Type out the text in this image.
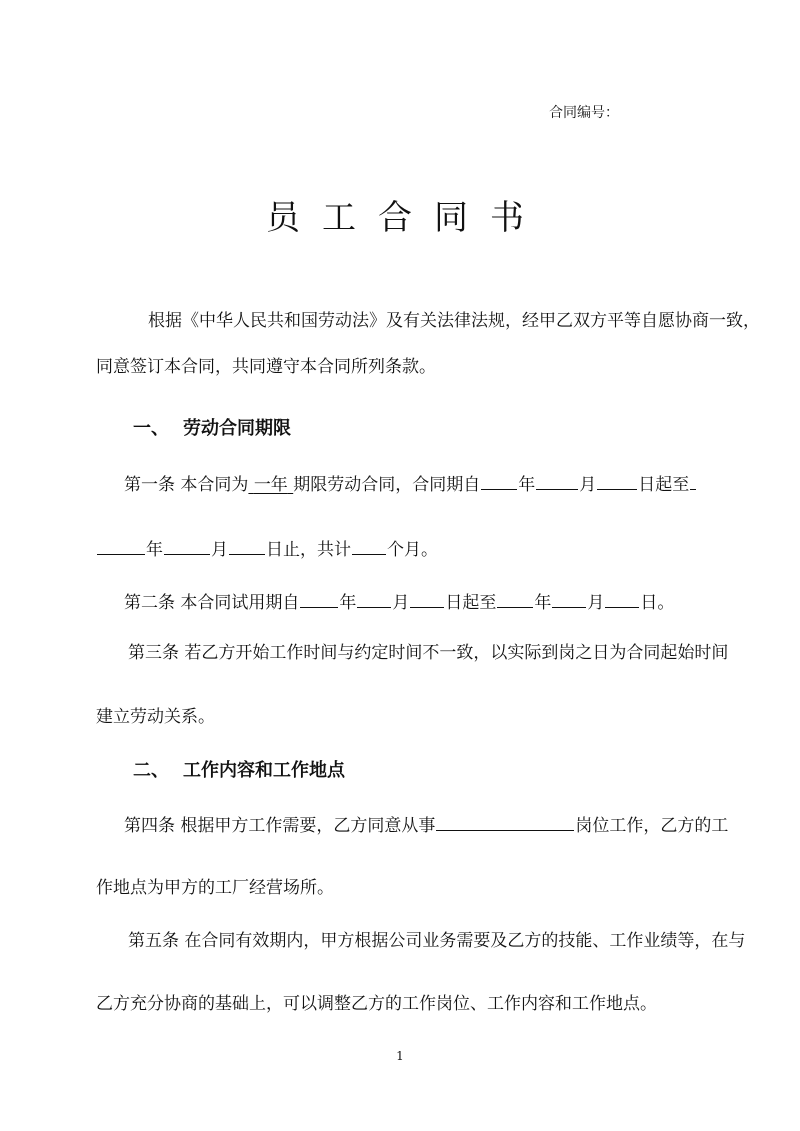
合同编号：
员工合同书
根据《中华人民共和国劳动法》及有关法律法规，经甲乙双方平等自愿协商一致，
同意签订本合同，共同遵守本合同所列条款。
一、 劳动合同期限
第一条 本合同为 一年 期限劳动合同，合同期自 年	月 日起至
年	月 日止，共计 个月。
第二条 本合同试用期自 年 月 日起至 年 月 日。
第三条 若乙方开始工作时间与约定时间不一致，以实际到岗之日为合同起始时间
建立劳动关系。
二、 工作内容和工作地点
第四条 根据甲方工作需要，乙方同意从事	岗位工作，乙方的工
作地点为甲方的工厂经营场所。
第五条 在合同有效期内，甲方根据公司业务需要及乙方的技能、工作业绩等，在与
乙方充分协商的基础上，可以调整乙方的工作岗位、工作内容和工作地点。
1
